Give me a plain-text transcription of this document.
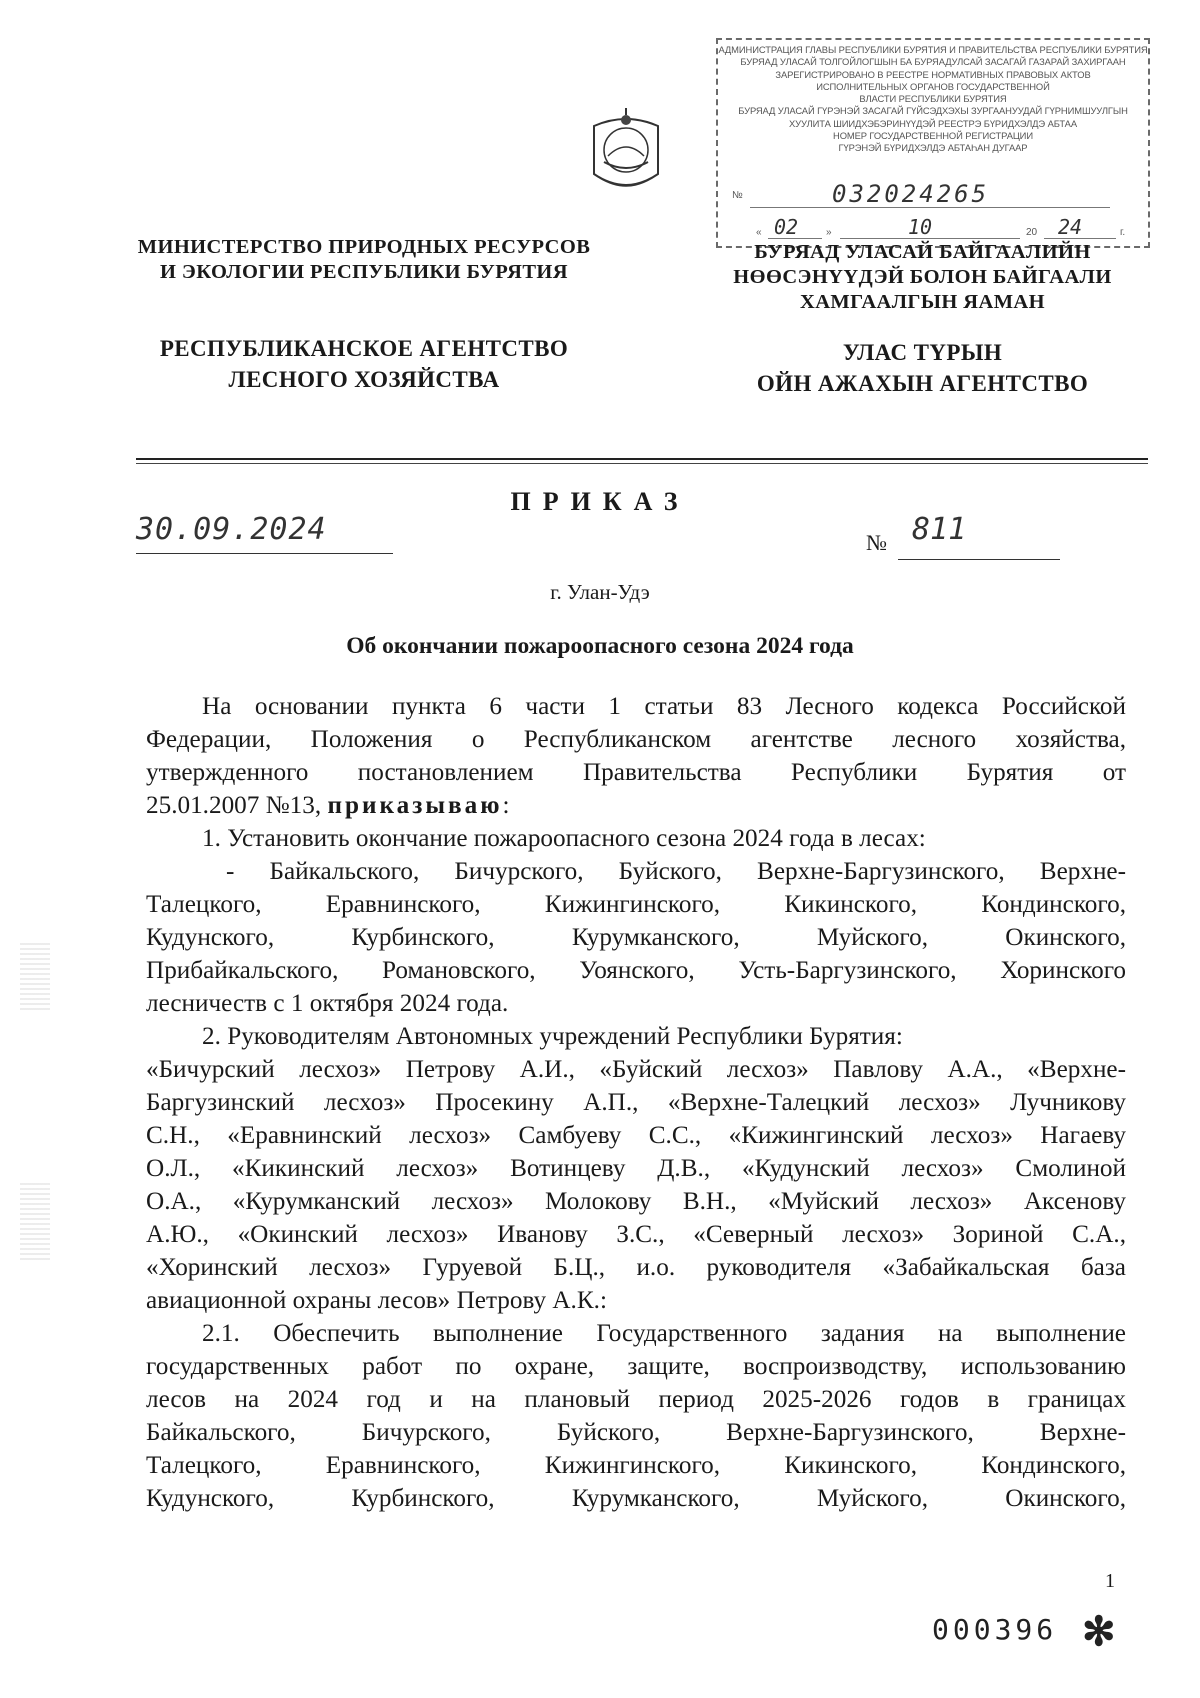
АДМИНИСТРАЦИЯ ГЛАВЫ РЕСПУБЛИКИ БУРЯТИЯ И ПРАВИТЕЛЬСТВА РЕСПУБЛИКИ БУРЯТИЯ
БУРЯАД УЛАСАЙ ТОЛГОЙЛОГШЫН БА БУРЯАДУЛСАЙ ЗАСАГАЙ ГАЗАРАЙ ЗАХИРГААН
ЗАРЕГИСТРИРОВАНО В РЕЕСТРЕ НОРМАТИВНЫХ ПРАВОВЫХ АКТОВ
ИСПОЛНИТЕЛЬНЫХ ОРГАНОВ ГОСУДАРСТВЕННОЙ
ВЛАСТИ РЕСПУБЛИКИ БУРЯТИЯ
БУРЯАД УЛАСАЙ ГҮРЭНЭЙ ЗАСАГАЙ ГҮЙСЭДХЭХЫ ЗУРГААНУУДАЙ ГҮРНИМШУУЛГЫН
ХУУЛИТА ШИИДХЭБЭРИНҮҮДЭЙ РЕЕСТРЭ БҮРИДХЭЛДЭ АБТАА
НОМЕР ГОСУДАРСТВЕННОЙ РЕГИСТРАЦИИ
ГҮРЭНЭЙ БҮРИДХЭЛДЭ АБТАҺАН ДУГААР
№	032024265
« 02	»	10	20 24	г.
МИНИСТЕРСТВО ПРИРОДНЫХ РЕСУРСОВ
И ЭКОЛОГИИ РЕСПУБЛИКИ БУРЯТИЯ
РЕСПУБЛИКАНСКОЕ АГЕНТСТВО
ЛЕСНОГО ХОЗЯЙСТВА
БУРЯАД УЛАСАЙ БАЙГААЛИЙН
НӨӨСЭНҮҮДЭЙ БОЛОН БАЙГААЛИ
ХАМГААЛГЫН ЯАМАН
УЛАС ТҮРЫН
ОЙН АЖАХЫН АГЕНТСТВО
ПРИКАЗ
30.09.2024	№ 811
г. Улан-Удэ
Об окончании пожароопасного сезона 2024 года

На основании пункта 6 части 1 статьи 83 Лесного кодекса Российской

Федерации, Положения о Республиканском агентстве лесного хозяйства,

утвержденного постановлением Правительства Республики Бурятия от

25.01.2007 №13, приказываю:

1. Установить окончание пожароопасного сезона 2024 года в лесах:

- Байкальского, Бичурского, Буйского, Верхне-Баргузинского, Верхне-

Талецкого, Еравнинского, Кижингинского, Кикинского, Кондинского,

Кудунского, Курбинского, Курумканского, Муйского, Окинского,

Прибайкальского, Романовского, Уоянского, Усть-Баргузинского, Хоринского

лесничеств с 1 октября 2024 года.

2. Руководителям Автономных учреждений Республики Бурятия:

«Бичурский лесхоз» Петрову А.И., «Буйский лесхоз» Павлову А.А., «Верхне-

Баргузинский лесхоз» Просекину А.П., «Верхне-Талецкий лесхоз» Лучникову

С.Н., «Еравнинский лесхоз» Самбуеву С.С., «Кижингинский лесхоз» Нагаеву

О.Л., «Кикинский лесхоз» Вотинцеву Д.В., «Кудунский лесхоз» Смолиной

О.А., «Курумканский лесхоз» Молокову В.Н., «Муйский лесхоз» Аксенову

А.Ю., «Окинский лесхоз» Иванову З.С., «Северный лесхоз» Зориной С.А.,

«Хоринский лесхоз» Гуруевой Б.Ц., и.о. руководителя «Забайкальская база

авиационной охраны лесов» Петрову А.К.:

2.1. Обеспечить выполнение Государственного задания на выполнение

государственных работ по охране, защите, воспроизводству, использованию

лесов на 2024 год и на плановый период 2025-2026 годов в границах

Байкальского, Бичурского, Буйского, Верхне-Баргузинского, Верхне-

Талецкого, Еравнинского, Кижингинского, Кикинского, Кондинского,

Кудунского, Курбинского, Курумканского, Муйского, Окинского,

1
000396 ✻
